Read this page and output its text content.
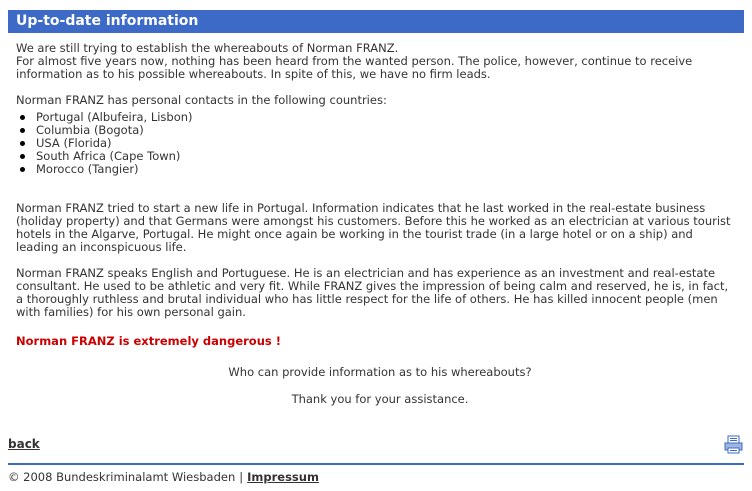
Up-to-date information

We are still trying to establish the whereabouts of Norman FRANZ.

For almost five years now, nothing has been heard from the wanted person. The police, however, continue to receive information as to his possible whereabouts. In spite of this, we have no firm leads.

Norman FRANZ has personal contacts in the following countries:

Portugal (Albufeira, Lisbon)
Columbia (Bogota)
USA (Florida)
South Africa (Cape Town)
Morocco (Tangier)

Norman FRANZ tried to start a new life in Portugal. Information indicates that he last worked in the real-estate business (holiday property) and that Germans were amongst his customers. Before this he worked as an electrician at various tourist hotels in the Algarve, Portugal. He might once again be working in the tourist trade (in a large hotel or on a ship) and leading an inconspicuous life.

Norman FRANZ speaks English and Portuguese. He is an electrician and has experience as an investment and real-estate consultant. He used to be athletic and very fit. While FRANZ gives the impression of being calm and reserved, he is, in fact, a thoroughly ruthless and brutal individual who has little respect for the life of others. He has killed innocent people (men with families) for his own personal gain.

Norman FRANZ is extremely dangerous !

Who can provide information as to his whereabouts?

Thank you for your assistance.

back
© 2008 Bundeskriminalamt Wiesbaden | Impressum
